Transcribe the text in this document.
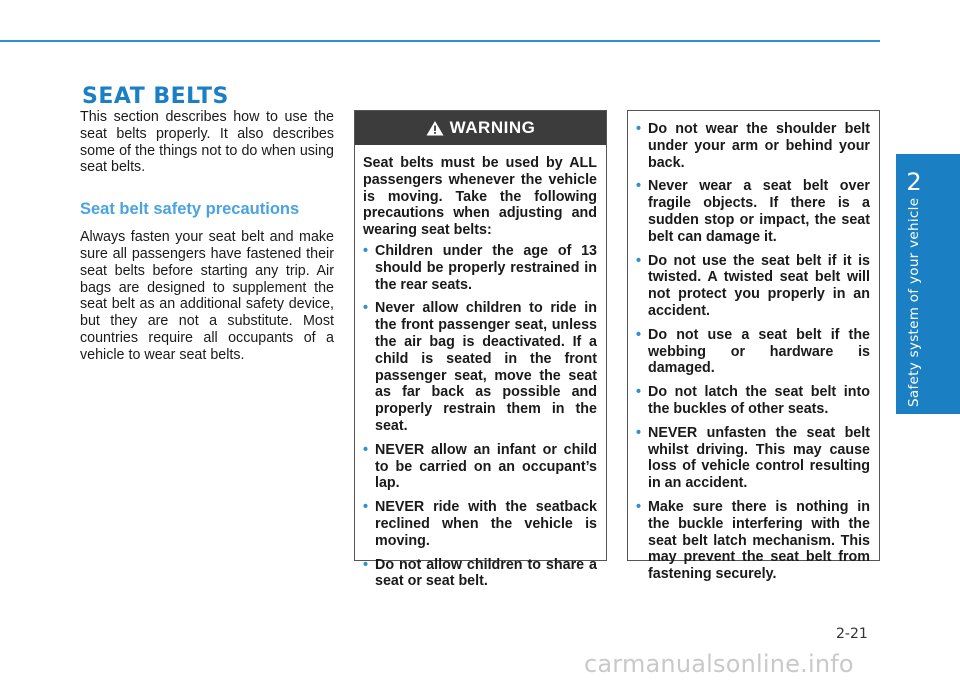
2
Safety system of your vehicle
SEAT BELTS

This section describes how to use the seat belts properly. It also describes some of the things not to do when using seat belts.

Seat belt safety precautions

Always fasten your seat belt and make sure all passengers have fastened their seat belts before starting any trip. Air bags are designed to supplement the seat belt as an additional safety device, but they are not a substitute. Most countries require all occupants of a vehicle to wear seat belts.

WARNING

Seat belts must be used by ALL passengers whenever the vehicle is moving. Take the following precautions when adjusting and wearing seat belts:

• Children under the age of 13 should be properly restrained in the rear seats.
• Never allow children to ride in the front passenger seat, unless the air bag is deactivated. If a child is seated in the front passenger seat, move the seat as far back as possible and properly restrain them in the seat.
• NEVER allow an infant or child to be carried on an occupant’s lap.
• NEVER ride with the seatback reclined when the vehicle is moving.
• Do not allow children to share a seat or seat belt.
• Do not wear the shoulder belt under your arm or behind your back.
• Never wear a seat belt over fragile objects. If there is a sudden stop or impact, the seat belt can damage it.
• Do not use the seat belt if it is twisted. A twisted seat belt will not protect you properly in an accident.
• Do not use a seat belt if the webbing or hardware is damaged.
• Do not latch the seat belt into the buckles of other seats.
• NEVER unfasten the seat belt whilst driving. This may cause loss of vehicle control resulting in an accident.
• Make sure there is nothing in the buckle interfering with the seat belt latch mechanism. This may prevent the seat belt from fastening securely.
2-21
carmanualsonline.info
